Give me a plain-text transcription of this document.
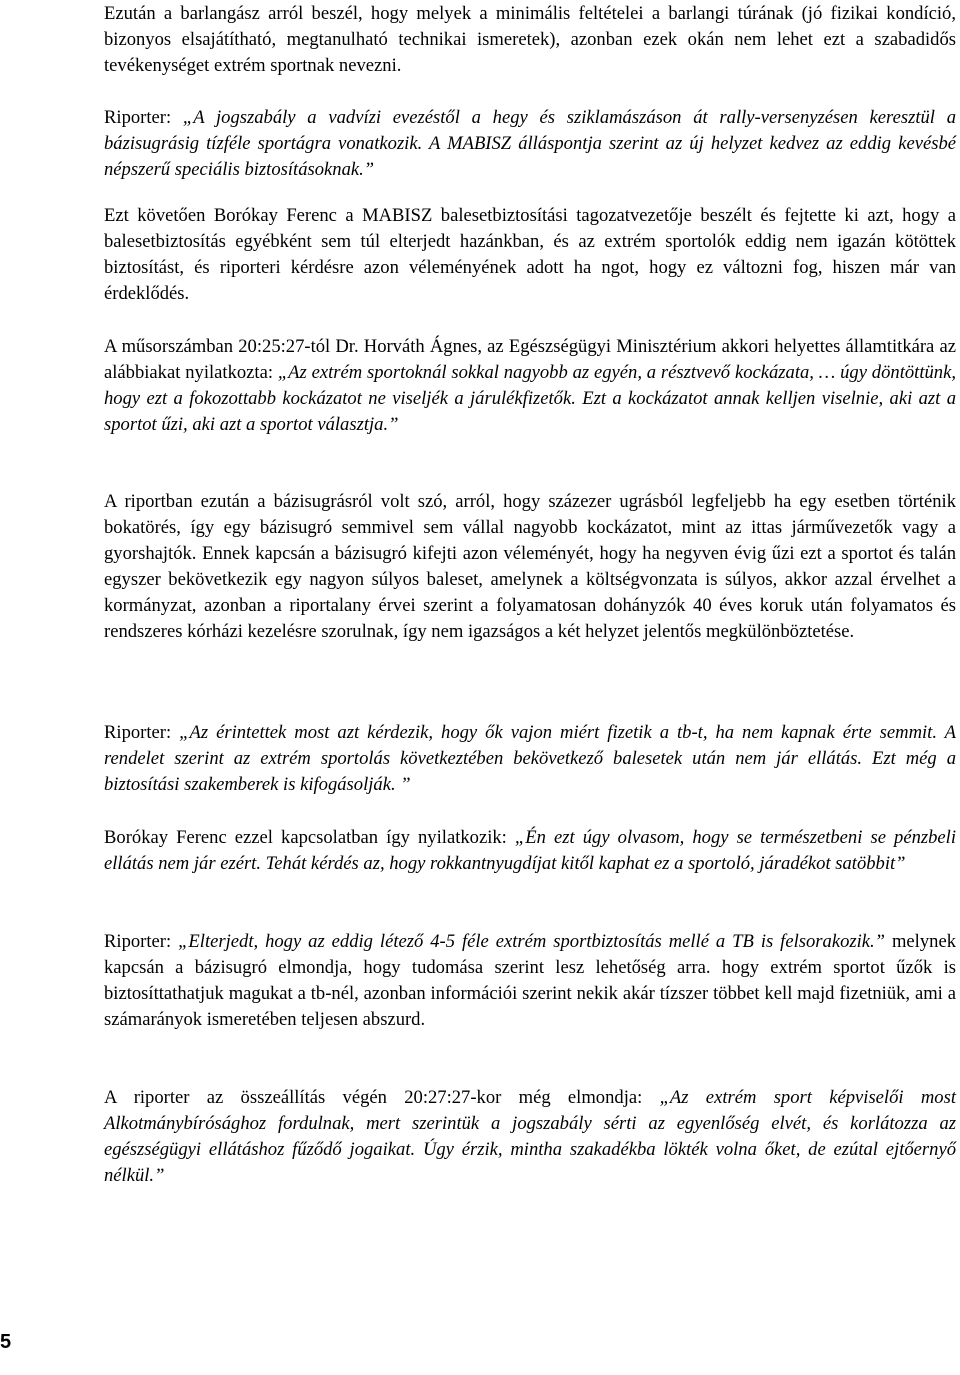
Ezután a barlangász arról beszél, hogy melyek a minimális feltételei a barlangi túrának (jó fizikai kondíció, bizonyos elsajátítható, megtanulható technikai ismeretek), azonban ezek okán nem lehet ezt a szabadidős tevékenységet extrém sportnak nevezni.

Riporter: „A jogszabály a vadvízi evezéstől a hegy és sziklamászáson át rally-versenyzésen keresztül a bázisugrásig tízféle sportágra vonatkozik. A MABISZ álláspontja szerint az új helyzet kedvez az eddig kevésbé népszerű speciális biztosításoknak.”

Ezt követően Borókay Ferenc a MABISZ balesetbiztosítási tagozatvezetője beszélt és fejtette ki azt, hogy a balesetbiztosítás egyébként sem túl elterjedt hazánkban, és az extrém sportolók eddig nem igazán kötöttek biztosítást, és riporteri kérdésre azon véleményének adott ha ngot, hogy ez változni fog, hiszen már van érdeklődés.

A műsorszámban 20:25:27-tól Dr. Horváth Ágnes, az Egészségügyi Minisztérium akkori helyettes államtitkára az alábbiakat nyilatkozta: „Az extrém sportoknál sokkal nagyobb az egyén, a résztvevő kockázata, … úgy döntöttünk, hogy ezt a fokozottabb kockázatot ne viseljék a járulékfizetők. Ezt a kockázatot annak kelljen viselnie, aki azt a sportot űzi, aki azt a sportot választja.”

A riportban ezután a bázisugrásról volt szó, arról, hogy százezer ugrásból legfeljebb ha egy esetben történik bokatörés, így egy bázisugró semmivel sem vállal nagyobb kockázatot, mint az ittas járművezetők vagy a gyorshajtók. Ennek kapcsán a bázisugró kifejti azon véleményét, hogy ha negyven évig űzi ezt a sportot és talán egyszer bekövetkezik egy nagyon súlyos baleset, amelynek a költségvonzata is súlyos, akkor azzal érvelhet a kormányzat, azonban a riportalany érvei szerint a folyamatosan dohányzók 40 éves koruk után folyamatos és rendszeres kórházi kezelésre szorulnak, így nem igazságos a két helyzet jelentős megkülönböztetése.

Riporter: „Az érintettek most azt kérdezik, hogy ők vajon miért fizetik a tb-t, ha nem kapnak érte semmit. A rendelet szerint az extrém sportolás következtében bekövetkező balesetek után nem jár ellátás. Ezt még a biztosítási szakemberek is kifogásolják. ”

Borókay Ferenc ezzel kapcsolatban így nyilatkozik: „Én ezt úgy olvasom, hogy se természetbeni se pénzbeli ellátás nem jár ezért. Tehát kérdés az, hogy rokkantnyugdíjat kitől kaphat ez a sportoló, járadékot satöbbit”

Riporter: „Elterjedt, hogy az eddig létező 4-5 féle extrém sportbiztosítás mellé a TB is felsorakozik.” melynek kapcsán a bázisugró elmondja, hogy tudomása szerint lesz lehetőség arra. hogy extrém sportot űzők is biztosíttathatjuk magukat a tb-nél, azonban információi szerint nekik akár tízszer többet kell majd fizetniük, ami a számarányok ismeretében teljesen abszurd.

A riporter az összeállítás végén 20:27:27-kor még elmondja: „Az extrém sport képviselői most Alkotmánybírósághoz fordulnak, mert szerintük a jogszabály sérti az egyenlőség elvét, és korlátozza az egészségügyi ellátáshoz fűződő jogaikat. Úgy érzik, mintha szakadékba lökték volna őket, de ezútal ejtőernyő nélkül.”

5
